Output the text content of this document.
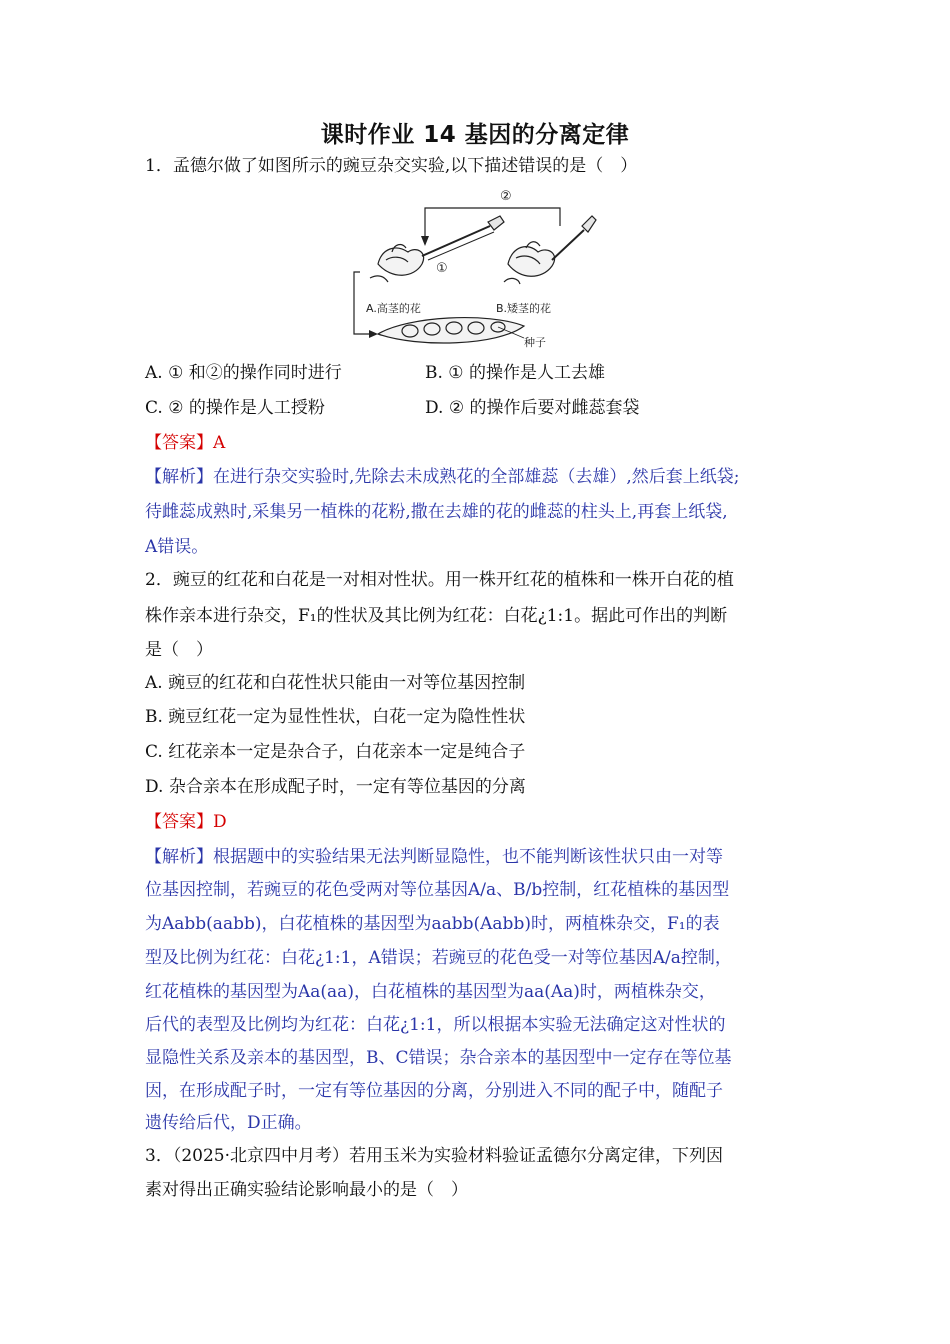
课时作业 14 基因的分离定律
1．孟德尔做了如图所示的豌豆杂交实验,以下描述错误的是（　）
②
①
A.高茎的花	B.矮茎的花
种子
A. ① 和②的操作同时进行	B. ① 的操作是人工去雄
C. ② 的操作是人工授粉	D. ② 的操作后要对雌蕊套袋
【答案】A
【解析】在进行杂交实验时,先除去未成熟花的全部雄蕊（去雄）,然后套上纸袋;
待雌蕊成熟时,采集另一植株的花粉,撒在去雄的花的雌蕊的柱头上,再套上纸袋,
A错误。
2．豌豆的红花和白花是一对相对性状。用一株开红花的植株和一株开白花的植
株作亲本进行杂交，F₁的性状及其比例为红花：白花¿1:1。据此可作出的判断
是（　）
A. 豌豆的红花和白花性状只能由一对等位基因控制
B. 豌豆红花一定为显性性状，白花一定为隐性性状
C. 红花亲本一定是杂合子，白花亲本一定是纯合子
D. 杂合亲本在形成配子时，一定有等位基因的分离
【答案】D
【解析】根据题中的实验结果无法判断显隐性，也不能判断该性状只由一对等
位基因控制，若豌豆的花色受两对等位基因A/a、B/b控制，红花植株的基因型
为Aabb(aabb)，白花植株的基因型为aabb(Aabb)时，两植株杂交，F₁的表
型及比例为红花：白花¿1:1，A错误；若豌豆的花色受一对等位基因A/a控制，
红花植株的基因型为Aa(aa)，白花植株的基因型为aa(Aa)时，两植株杂交，
后代的表型及比例均为红花：白花¿1:1，所以根据本实验无法确定这对性状的
显隐性关系及亲本的基因型，B、C错误；杂合亲本的基因型中一定存在等位基
因，在形成配子时，一定有等位基因的分离，分别进入不同的配子中，随配子
遗传给后代，D正确。
3．（2025·北京四中月考）若用玉米为实验材料验证孟德尔分离定律，下列因
素对得出正确实验结论影响最小的是（　）
